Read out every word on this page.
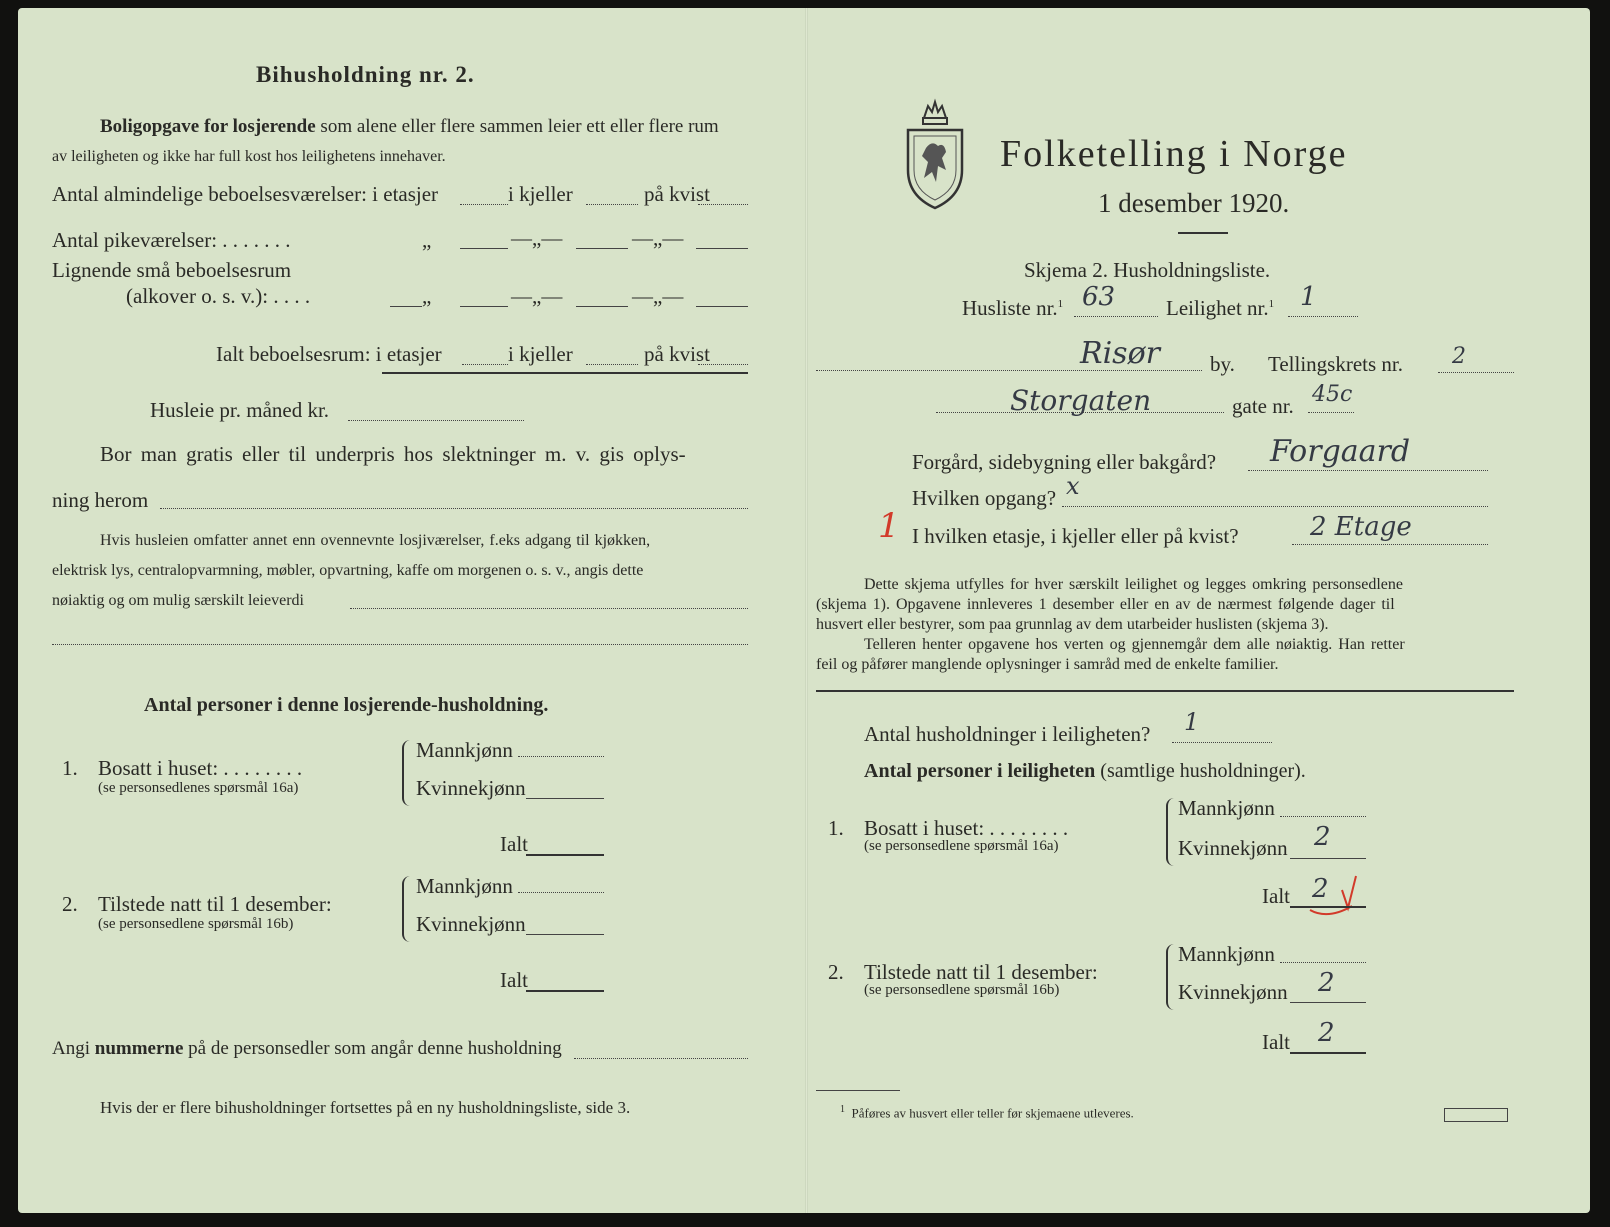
Bihusholdning nr. 2.
Boligopgave for losjerende som alene eller flere sammen leier ett eller flere rum
av leiligheten og ikke har full kost hos leilighetens innehaver.
Antal almindelige beboelsesværelser: i etasjer	i kjeller	på kvist
Antal pikeværelser: . . . . . . .	„	—„—	—„—
Lignende små beboelsesrum
(alkover o. s. v.): . . . .	„	—„—	—„—
Ialt beboelsesrum: i etasjer	i kjeller	på kvist
Husleie pr. måned kr.
Bor man gratis eller til underpris hos slektninger m. v. gis oplys-
ning herom
Hvis husleien omfatter annet enn ovennevnte losjiværelser, f.eks adgang til kjøkken,
elektrisk lys, centralopvarmning, møbler, opvartning, kaffe om morgenen o. s. v., angis dette
nøiaktig og om mulig særskilt leieverdi
Antal personer i denne losjerende-husholdning.
1. Bosatt i huset: . . . . . . . .
(se personsedlenes spørsmål 16a)
Mannkjønn
Kvinnekjønn
Ialt
2. Tilstede natt til 1 desember:
(se personsedlene spørsmål 16b)
Mannkjønn
Kvinnekjønn
Ialt
Angi nummerne på de personsedler som angår denne husholdning
Hvis der er flere bihusholdninger fortsettes på en ny husholdningsliste, side 3.
Folketelling i Norge
1 desember 1920.
Skjema 2. Husholdningsliste.
Husliste nr.$^1$ 63 Leilighet nr.$^1$ 1
Risør by. Tellingskrets nr. 2
Storgaten	gate nr. 45c
Forgård, sidebygning eller bakgård? Forgaard
Hvilken opgang? x
1 I hvilken etasje, i kjeller eller på kvist?	2 Etage
Dette skjema utfylles for hver særskilt leilighet og legges omkring personsedlene
(skjema 1). Opgavene innleveres 1 desember eller en av de nærmest følgende dager til
husvert eller bestyrer, som paa grunnlag av dem utarbeider huslisten (skjema 3).
Telleren henter opgavene hos verten og gjennemgår dem alle nøiaktig. Han retter
feil og påfører manglende oplysninger i samråd med de enkelte familier.
Antal husholdninger i leiligheten? 1
Antal personer i leiligheten (samtlige husholdninger).
1. Bosatt i huset: . . . . . . . .
(se personsedlene spørsmål 16a)
Mannkjønn
Kvinnekjønn 2
Ialt 2
2. Tilstede natt til 1 desember:
(se personsedlene spørsmål 16b)
Mannkjønn
Kvinnekjønn 2
Ialt 2
$^1$ Påføres av husvert eller teller før skjemaene utleveres.
